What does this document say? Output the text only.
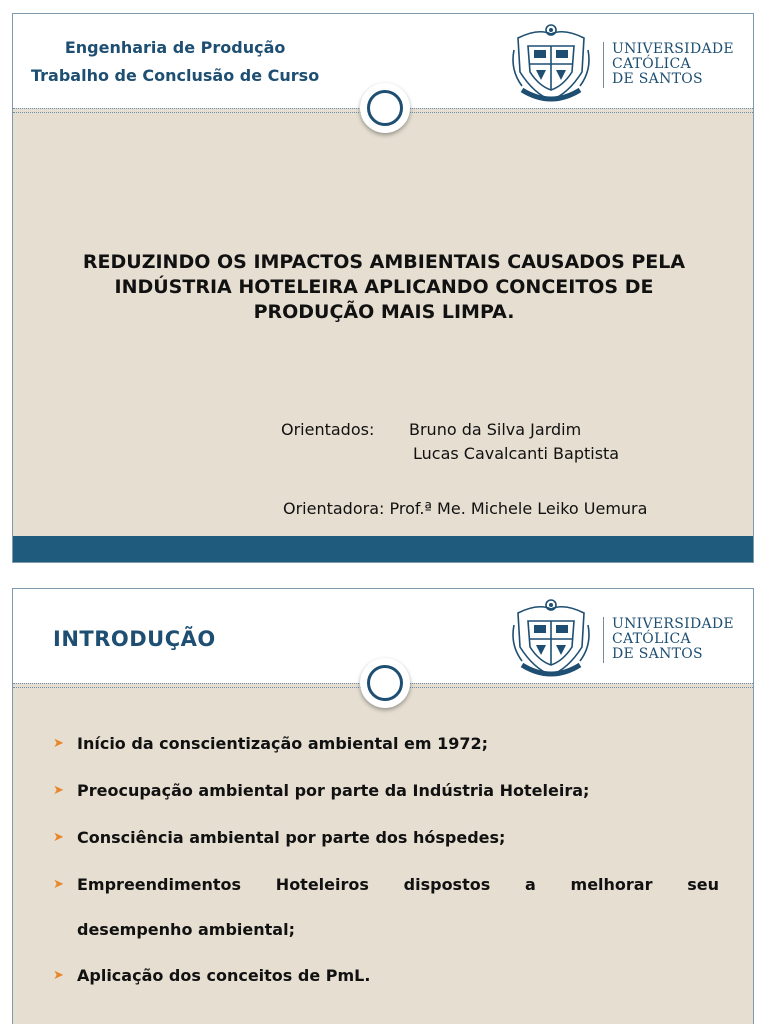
Engenharia de Produção
Trabalho de Conclusão de Curso
UNIVERSIDADE
CATÓLICA
DE SANTOS
REDUZINDO OS IMPACTOS AMBIENTAIS CAUSADOS PELA
INDÚSTRIA HOTELEIRA APLICANDO CONCEITOS DE
PRODUÇÃO MAIS LIMPA.
Orientados: Bruno da Silva Jardim
Lucas Cavalcanti Baptista
Orientadora: Prof.ª Me. Michele Leiko Uemura
INTRODUÇÃO
UNIVERSIDADE
CATÓLICA
DE SANTOS
➤ Início da conscientização ambiental em 1972;
➤ Preocupação ambiental por parte da Indústria Hoteleira;
➤ Consciência ambiental por parte dos hóspedes;
➤ Empreendimentos Hoteleiros dispostos a melhorar seu
desempenho ambiental;
➤ Aplicação dos conceitos de PmL.
